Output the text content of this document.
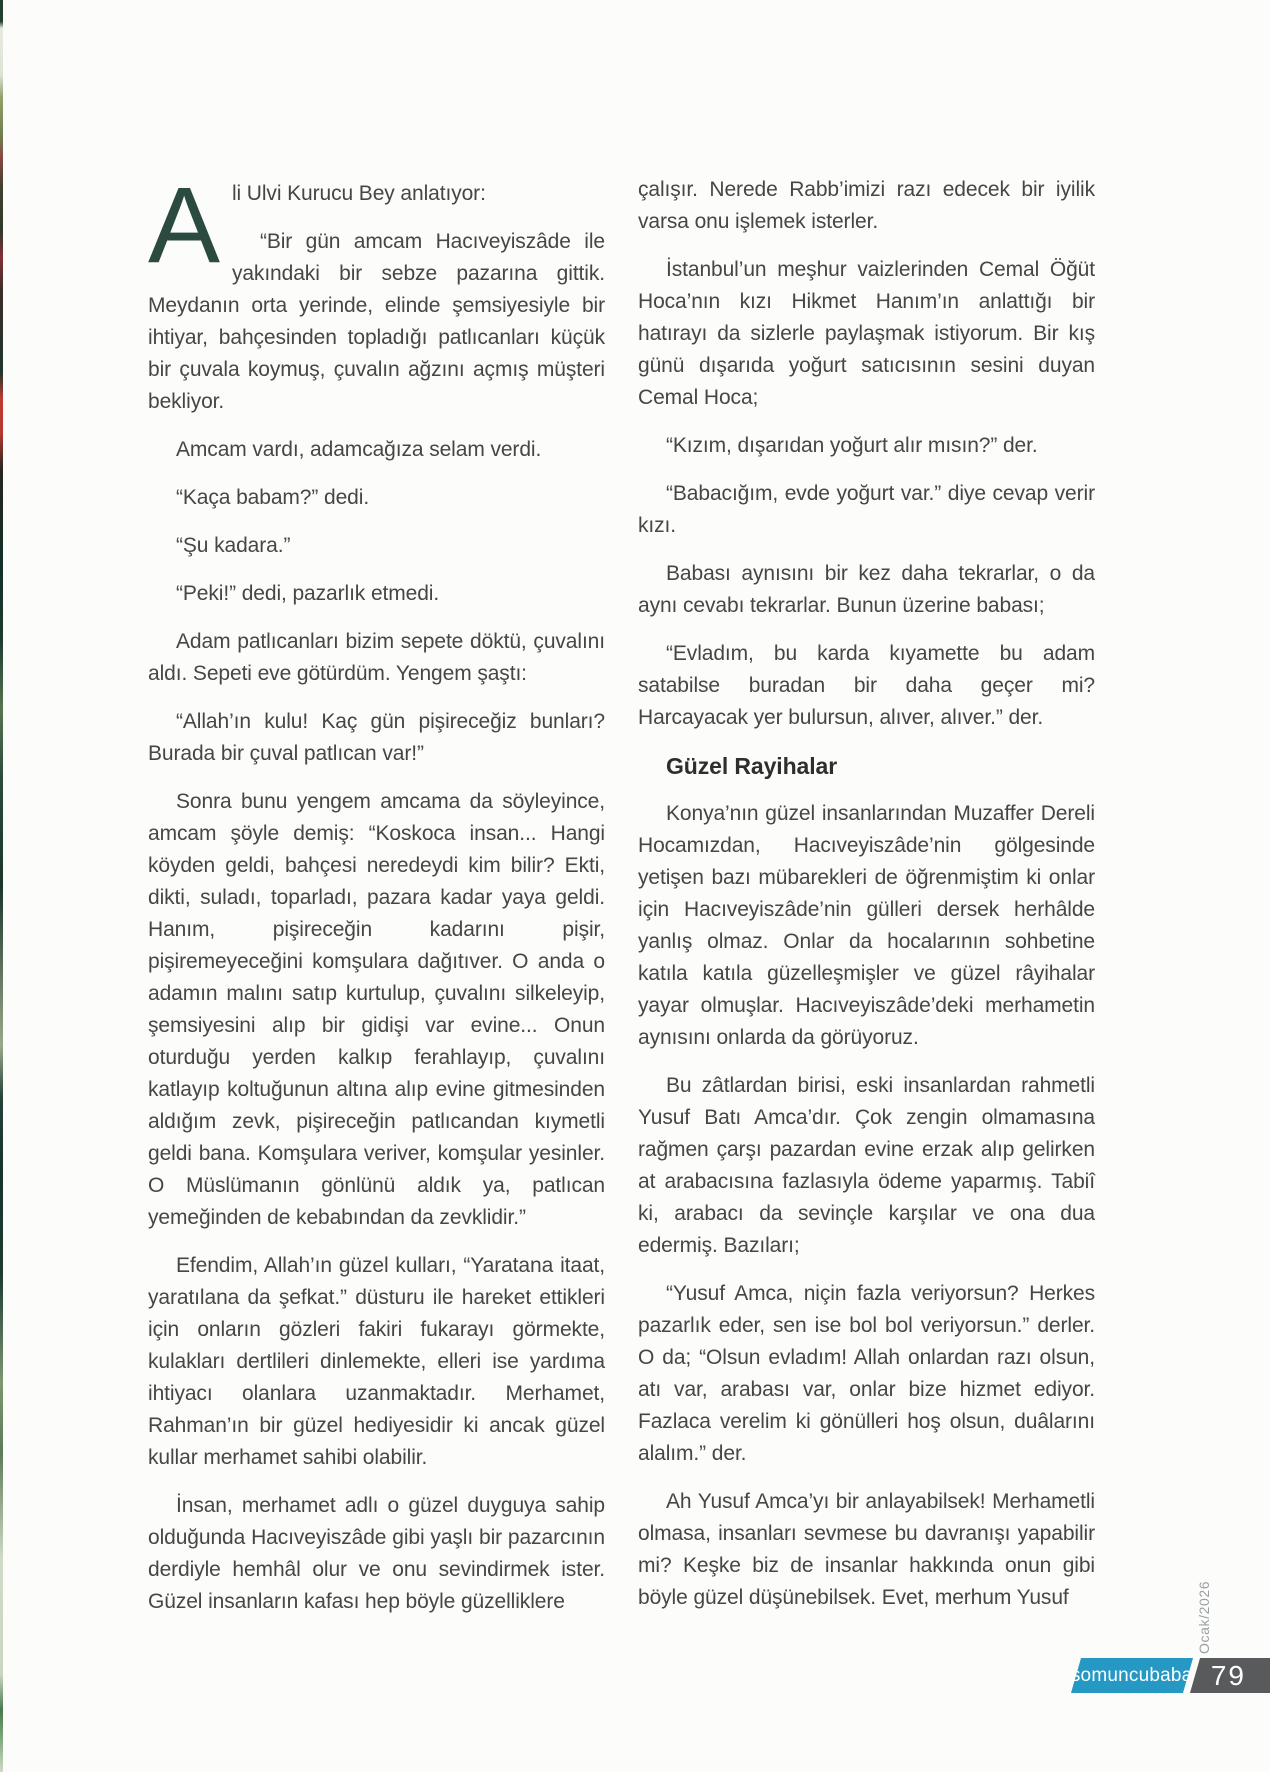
Ali Ulvi Kurucu Bey anlatıyor:

“Bir gün amcam Hacıveyiszâde ile yakındaki bir sebze pazarına gittik. Meydanın orta yerinde, elinde şemsiyesiyle bir ihtiyar, bahçesinden topladığı patlıcanları küçük bir çuvala koymuş, çuvalın ağzını açmış müşteri bekliyor.

Amcam vardı, adamcağıza selam verdi.

“Kaça babam?” dedi.

“Şu kadara.”

“Peki!” dedi, pazarlık etmedi.

Adam patlıcanları bizim sepete döktü, çuvalını aldı. Sepeti eve götürdüm. Yengem şaştı:

“Allah’ın kulu! Kaç gün pişireceğiz bunları? Burada bir çuval patlıcan var!”

Sonra bunu yengem amcama da söyleyince, amcam şöyle demiş: “Koskoca insan... Hangi köyden geldi, bahçesi neredeydi kim bilir? Ekti, dikti, suladı, toparladı, pazara kadar yaya geldi. Hanım, pişireceğin kadarını pişir, pişiremeyeceğini komşulara dağıtıver. O anda o adamın malını satıp kurtulup, çuvalını silkeleyip, şemsiyesini alıp bir gidişi var evine... Onun oturduğu yerden kalkıp ferahlayıp, çuvalını katlayıp koltuğunun altına alıp evine gitmesinden aldığım zevk, pişireceğin patlıcandan kıymetli geldi bana. Komşulara veriver, komşular yesinler. O Müslümanın gönlünü aldık ya, patlıcan yemeğinden de kebabından da zevklidir.”

Efendim, Allah’ın güzel kulları, “Yaratana itaat, yaratılana da şefkat.” düsturu ile hareket ettikleri için onların gözleri fakiri fukarayı görmekte, kulakları dertlileri dinlemekte, elleri ise yardıma ihtiyacı olanlara uzanmaktadır. Merhamet, Rahman’ın bir güzel hediyesidir ki ancak güzel kullar merhamet sahibi olabilir.

İnsan, merhamet adlı o güzel duyguya sahip olduğunda Hacıveyiszâde gibi yaşlı bir pazarcının derdiyle hemhâl olur ve onu sevindirmek ister. Güzel insanların kafası hep böyle güzelliklere

çalışır. Nerede Rabb’imizi razı edecek bir iyilik varsa onu işlemek isterler.

İstanbul’un meşhur vaizlerinden Cemal Öğüt Hoca’nın kızı Hikmet Hanım’ın anlattığı bir hatırayı da sizlerle paylaşmak istiyorum. Bir kış günü dışarıda yoğurt satıcısının sesini duyan Cemal Hoca;

“Kızım, dışarıdan yoğurt alır mısın?” der.

“Babacığım, evde yoğurt var.” diye cevap verir kızı.

Babası aynısını bir kez daha tekrarlar, o da aynı cevabı tekrarlar. Bunun üzerine babası;

“Evladım, bu karda kıyamette bu adam satabilse buradan bir daha geçer mi? Harcayacak yer bulursun, alıver, alıver.” der.

Güzel Rayihalar

Konya’nın güzel insanlarından Muzaffer Dereli Hocamızdan, Hacıveyiszâde’nin gölgesinde yetişen bazı mübarekleri de öğrenmiştim ki onlar için Hacıveyiszâde’nin gülleri dersek herhâlde yanlış olmaz. Onlar da hocalarının sohbetine katıla katıla güzelleşmişler ve güzel râyihalar yayar olmuşlar. Hacıveyiszâde’deki merhametin aynısını onlarda da görüyoruz.

Bu zâtlardan birisi, eski insanlardan rahmetli Yusuf Batı Amca’dır. Çok zengin olmamasına rağmen çarşı pazardan evine erzak alıp gelirken at arabacısına fazlasıyla ödeme yaparmış. Tabiî ki, arabacı da sevinçle karşılar ve ona dua edermiş. Bazıları;

“Yusuf Amca, niçin fazla veriyorsun? Herkes pazarlık eder, sen ise bol bol veriyorsun.” derler. O da; “Olsun evladım! Allah onlardan razı olsun, atı var, arabası var, onlar bize hizmet ediyor. Fazlaca verelim ki gönülleri hoş olsun, duâlarını alalım.” der.

Ah Yusuf Amca’yı bir anlayabilsek! Merhametli olmasa, insanları sevmese bu davranışı yapabilir mi? Keşke biz de insanlar hakkında onun gibi böyle güzel düşünebilsek. Evet, merhum Yusuf	Ocak/2026
somuncubaba 79
